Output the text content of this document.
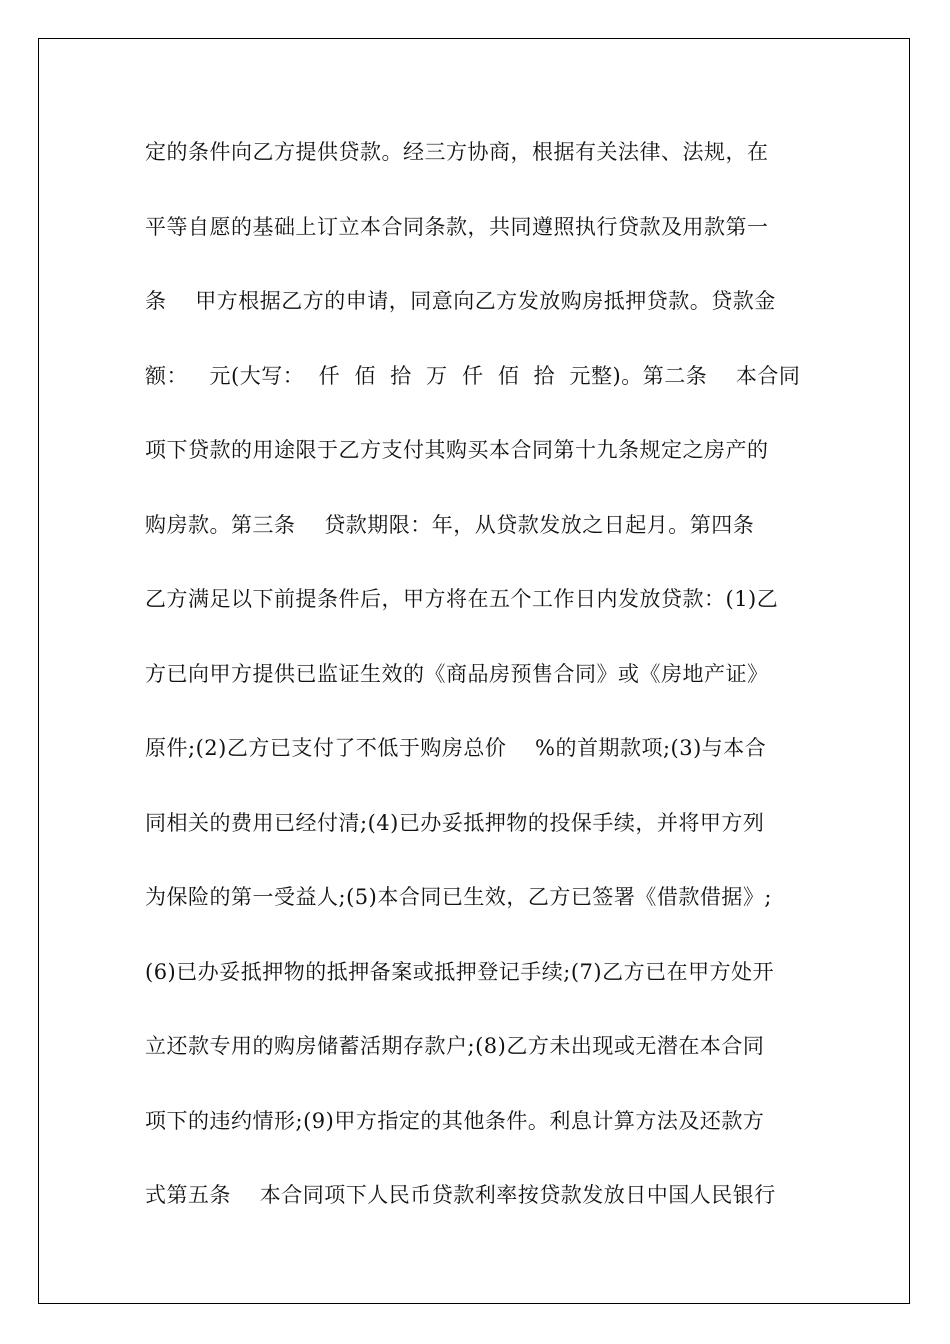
定的条件向乙方提供贷款。经三方协商，根据有关法律、法规，在
平等自愿的基础上订立本合同条款，共同遵照执行贷款及用款第一
条    甲方根据乙方的申请，同意向乙方发放购房抵押贷款。贷款金
额：   元(大写：  仟  佰  拾  万  仟  佰  拾  元整)。第二条    本合同
项下贷款的用途限于乙方支付其购买本合同第十九条规定之房产的
购房款。第三条    贷款期限：年，从贷款发放之日起月。第四条
乙方满足以下前提条件后，甲方将在五个工作日内发放贷款：(1)乙
方已向甲方提供已监证生效的《商品房预售合同》或《房地产证》
原件;(2)乙方已支付了不低于购房总价    %的首期款项;(3)与本合
同相关的费用已经付清;(4)已办妥抵押物的投保手续，并将甲方列
为保险的第一受益人;(5)本合同已生效，乙方已签署《借款借据》;
(6)已办妥抵押物的抵押备案或抵押登记手续;(7)乙方已在甲方处开
立还款专用的购房储蓄活期存款户;(8)乙方未出现或无潜在本合同
项下的违约情形;(9)甲方指定的其他条件。利息计算方法及还款方
式第五条    本合同项下人民币贷款利率按贷款发放日中国人民银行
